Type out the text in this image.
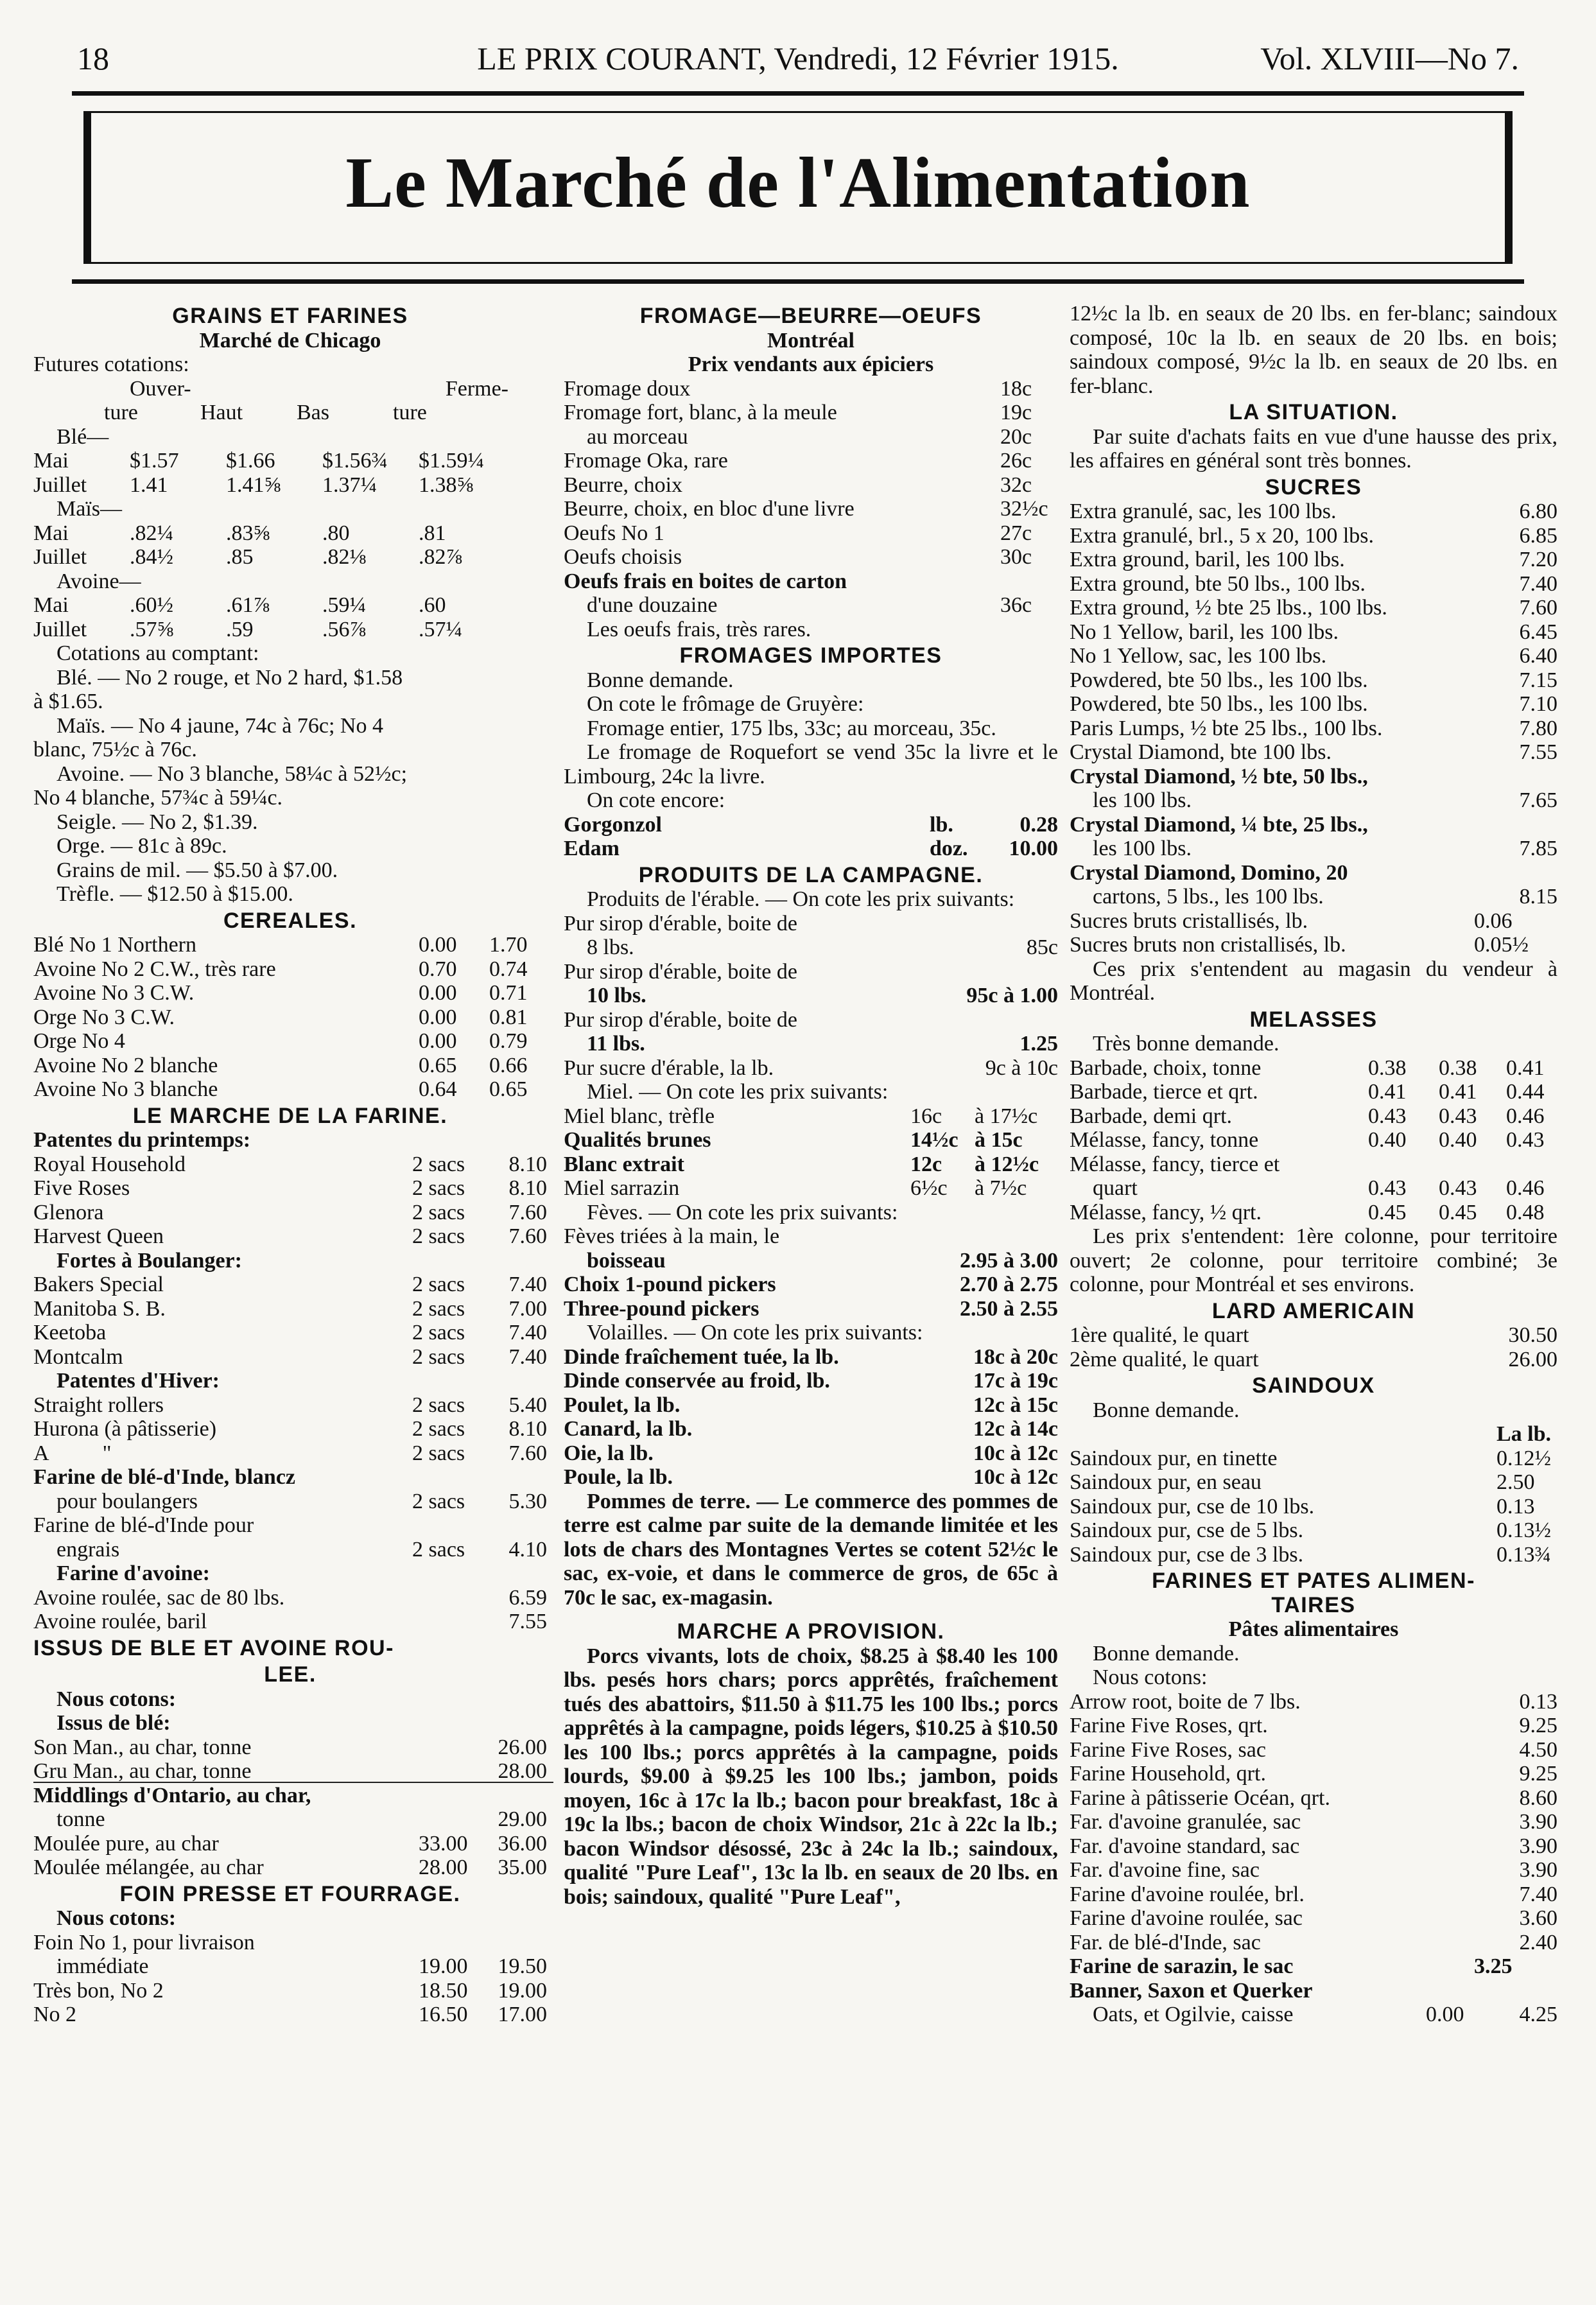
18	LE PRIX COURANT, Vendredi, 12 Février 1915.	Vol. XLVIII—No 7.
Le Marché de l'Alimentation
GRAINS ET FARINES
Marché de Chicago
Futures cotations:
Ouver-	Ferme-
ture	Haut	Bas	ture
Blé—
Mai	$1.57	$1.66	$1.56¾	$1.59¼
Juillet	1.41	1.41⅝	1.37¼	1.38⅝
Maïs—
Mai	.82¼	.83⅝	.80	.81
Juillet	.84½	.85	.82⅛	.82⅞
Avoine—
Mai	.60½	.61⅞	.59¼	.60
Juillet	.57⅝	.59	.56⅞	.57¼
Cotations au comptant:
Blé. — No 2 rouge, et No 2 hard, $1.58
à $1.65.
Maïs. — No 4 jaune, 74c à 76c; No 4
blanc, 75½c à 76c.
Avoine. — No 3 blanche, 58¼c à 52½c;
No 4 blanche, 57¾c à 59¼c.
Seigle. — No 2, $1.39.
Orge. — 81c à 89c.
Grains de mil. — $5.50 à $7.00.
Trèfle. — $12.50 à $15.00.
CEREALES.
Blé No 1 Northern	0.00	1.70
Avoine No 2 C.W., très rare	0.70	0.74
Avoine No 3 C.W.	0.00	0.71
Orge No 3 C.W.	0.00	0.81
Orge No 4	0.00	0.79
Avoine No 2 blanche	0.65	0.66
Avoine No 3 blanche	0.64	0.65
LE MARCHE DE LA FARINE.
Patentes du printemps:
Royal Household	2 sacs	8.10
Five Roses	2 sacs	8.10
Glenora	2 sacs	7.60
Harvest Queen	2 sacs	7.60
Fortes à Boulanger:
Bakers Special	2 sacs	7.40
Manitoba S. B.	2 sacs	7.00
Keetoba	2 sacs	7.40
Montcalm	2 sacs	7.40
Patentes d'Hiver:
Straight rollers	2 sacs	5.40
Hurona (à pâtisserie)	2 sacs	8.10
A          "	2 sacs	7.60
Farine de blé-d'Inde, blancz
pour boulangers	2 sacs	5.30
Farine de blé-d'Inde pour
engrais	2 sacs	4.10
Farine d'avoine:
Avoine roulée, sac de 80 lbs.	6.59
Avoine roulée, baril	7.55
ISSUS DE BLE ET AVOINE ROU-
LEE.
Nous cotons:
Issus de blé:
Son Man., au char, tonne	26.00
Gru Man., au char, tonne	28.00
Middlings d'Ontario, au char,
tonne	29.00
Moulée pure, au char	33.00	36.00
Moulée mélangée, au char	28.00	35.00
FOIN PRESSE ET FOURRAGE.
Nous cotons:
Foin No 1, pour livraison
immédiate	19.00	19.50
Très bon, No 2	18.50	19.00
No 2	16.50	17.00
FROMAGE—BEURRE—OEUFS
Montréal
Prix vendants aux épiciers
Fromage doux	18c
Fromage fort, blanc, à la meule	19c
au morceau	20c
Fromage Oka, rare	26c
Beurre, choix	32c
Beurre, choix, en bloc d'une livre	32½c
Oeufs No 1	27c
Oeufs choisis	30c
Oeufs frais en boites de carton
d'une douzaine	36c
Les oeufs frais, très rares.
FROMAGES IMPORTES
Bonne demande.
On cote le frômage de Gruyère:
Fromage entier, 175 lbs, 33c; au morceau, 35c.
Le fromage de Roquefort se vend 35c la livre et le Limbourg, 24c la livre.
On cote encore:
Gorgonzol	lb.	0.28
Edam	doz.	10.00
PRODUITS DE LA CAMPAGNE.
Produits de l'érable. — On cote les prix suivants:
Pur sirop d'érable, boite de
8 lbs.	85c
Pur sirop d'érable, boite de
10 lbs.	95c à 1.00
Pur sirop d'érable, boite de
11 lbs.	1.25
Pur sucre d'érable, la lb.	9c à 10c
Miel. — On cote les prix suivants:
Miel blanc, trèfle	16c	à 17½c
Qualités brunes	14½c à 15c
Blanc extrait	12c	à 12½c
Miel sarrazin	6½c	à 7½c
Fèves. — On cote les prix suivants:
Fèves triées à la main, le
boisseau	2.95 à 3.00
Choix 1-pound pickers	2.70 à 2.75
Three-pound pickers	2.50 à 2.55
Volailles. — On cote les prix suivants:
Dinde fraîchement tuée, la lb.	18c à 20c
Dinde conservée au froid, lb.	17c à 19c
Poulet, la lb.	12c à 15c
Canard, la lb.	12c à 14c
Oie, la lb.	10c à 12c
Poule, la lb.	10c à 12c
Pommes de terre. — Le commerce des pommes de terre est calme par suite de la demande limitée et les lots de chars des Montagnes Vertes se cotent 52½c le sac, ex-voie, et dans le commerce de gros, de 65c à 70c le sac, ex-magasin.
MARCHE A PROVISION.
Porcs vivants, lots de choix, $8.25 à $8.40 les 100 lbs. pesés hors chars; porcs apprêtés, fraîchement tués des abattoirs, $11.50 à $11.75 les 100 lbs.; porcs apprêtés à la campagne, poids légers, $10.25 à $10.50 les 100 lbs.; porcs apprêtés à la campagne, poids lourds, $9.00 à $9.25 les 100 lbs.; jambon, poids moyen, 16c à 17c la lb.; bacon pour breakfast, 18c à 19c la lbs.; bacon de choix Windsor, 21c à 22c la lb.; bacon Windsor désossé, 23c à 24c la lb.; saindoux, qualité "Pure Leaf", 13c la lb. en seaux de 20 lbs. en bois; saindoux, qualité "Pure Leaf",
12½c la lb. en seaux de 20 lbs. en fer-blanc; saindoux composé, 10c la lb. en seaux de 20 lbs. en bois; saindoux composé, 9½c la lb. en seaux de 20 lbs. en fer-blanc.
LA SITUATION.
Par suite d'achats faits en vue d'une hausse des prix, les affaires en général sont très bonnes.
SUCRES
Extra granulé, sac, les 100 lbs.	6.80
Extra granulé, brl., 5 x 20, 100 lbs.	6.85
Extra ground, baril, les 100 lbs.	7.20
Extra ground, bte 50 lbs., 100 lbs.	7.40
Extra ground, ½ bte 25 lbs., 100 lbs.	7.60
No 1 Yellow, baril, les 100 lbs.	6.45
No 1 Yellow, sac, les 100 lbs.	6.40
Powdered, bte 50 lbs., les 100 lbs.	7.15
Powdered, bte 50 lbs., les 100 lbs.	7.10
Paris Lumps, ½ bte 25 lbs., 100 lbs.	7.80
Crystal Diamond, bte 100 lbs.	7.55
Crystal Diamond, ½ bte, 50 lbs.,
les 100 lbs.	7.65
Crystal Diamond, ¼ bte, 25 lbs.,
les 100 lbs.	7.85
Crystal Diamond, Domino, 20
cartons, 5 lbs., les 100 lbs.	8.15
Sucres bruts cristallisés, lb.	0.06
Sucres bruts non cristallisés, lb.	0.05½
Ces prix s'entendent au magasin du vendeur à Montréal.
MELASSES
Très bonne demande.
Barbade, choix, tonne	0.38	0.38	0.41
Barbade, tierce et qrt.	0.41	0.41	0.44
Barbade, demi qrt.	0.43	0.43	0.46
Mélasse, fancy, tonne	0.40	0.40	0.43
Mélasse, fancy, tierce et
quart	0.43	0.43	0.46
Mélasse, fancy, ½ qrt.	0.45	0.45	0.48
Les prix s'entendent: 1ère colonne, pour territoire ouvert; 2e colonne, pour territoire combiné; 3e colonne, pour Montréal et ses environs.
LARD AMERICAIN
1ère qualité, le quart	30.50
2ème qualité, le quart	26.00
SAINDOUX
Bonne demande.
La lb.
Saindoux pur, en tinette	0.12½
Saindoux pur, en seau	2.50
Saindoux pur, cse de 10 lbs.	0.13
Saindoux pur, cse de 5 lbs.	0.13½
Saindoux pur, cse de 3 lbs.	0.13¾
FARINES ET PATES ALIMEN-
TAIRES
Pâtes alimentaires
Bonne demande.
Nous cotons:
Arrow root, boite de 7 lbs.	0.13
Farine Five Roses, qrt.	9.25
Farine Five Roses, sac	4.50
Farine Household, qrt.	9.25
Farine à pâtisserie Océan, qrt.	8.60
Far. d'avoine granulée, sac	3.90
Far. d'avoine standard, sac	3.90
Far. d'avoine fine, sac	3.90
Farine d'avoine roulée, brl.	7.40
Farine d'avoine roulée, sac	3.60
Far. de blé-d'Inde, sac	2.40
Farine de sarazin, le sac	3.25
Banner, Saxon et Querker
Oats, et Ogilvie, caisse	0.00	4.25
